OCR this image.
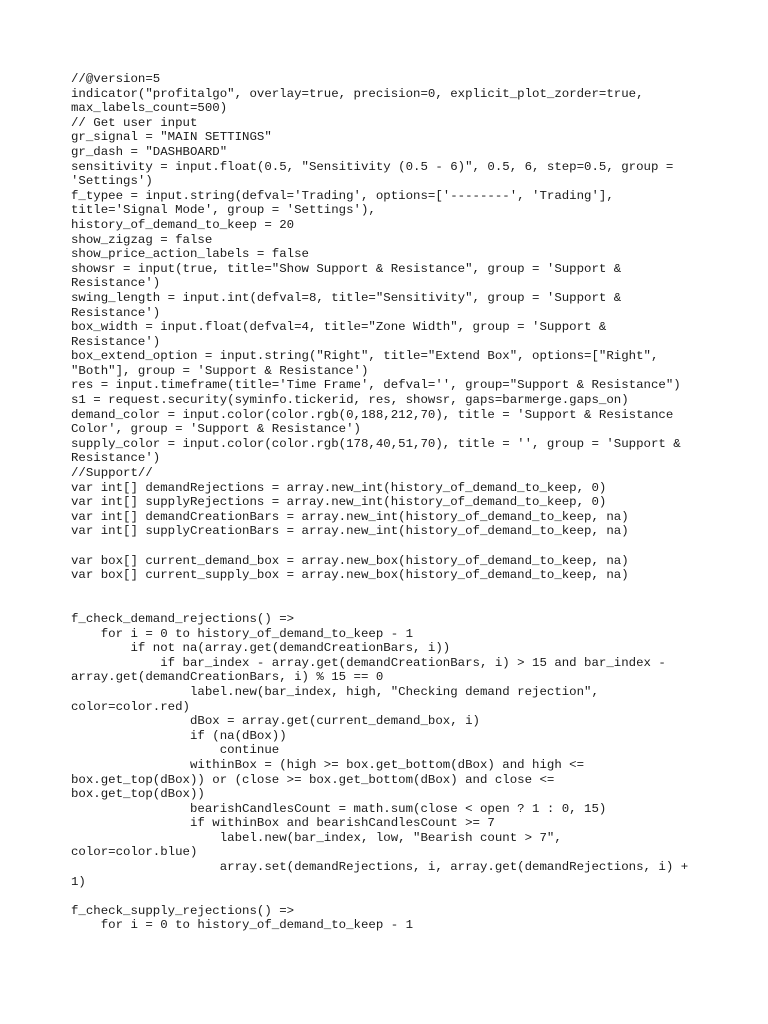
//@version=5
indicator("profitalgo", overlay=true, precision=0, explicit_plot_zorder=true,
max_labels_count=500)
// Get user input
gr_signal = "MAIN SETTINGS"
gr_dash = "DASHBOARD"
sensitivity = input.float(0.5, "Sensitivity (0.5 - 6)", 0.5, 6, step=0.5, group =
'Settings')
f_typee = input.string(defval='Trading', options=['--------', 'Trading'],
title='Signal Mode', group = 'Settings'),
history_of_demand_to_keep = 20
show_zigzag = false
show_price_action_labels = false
showsr = input(true, title="Show Support & Resistance", group = 'Support &
Resistance')
swing_length = input.int(defval=8, title="Sensitivity", group = 'Support &
Resistance')
box_width = input.float(defval=4, title="Zone Width", group = 'Support &
Resistance')
box_extend_option = input.string("Right", title="Extend Box", options=["Right",
"Both"], group = 'Support & Resistance')
res = input.timeframe(title='Time Frame', defval='', group="Support & Resistance")
s1 = request.security(syminfo.tickerid, res, showsr, gaps=barmerge.gaps_on)
demand_color = input.color(color.rgb(0,188,212,70), title = 'Support & Resistance
Color', group = 'Support & Resistance')
supply_color = input.color(color.rgb(178,40,51,70), title = '', group = 'Support &
Resistance')
//Support//
var int[] demandRejections = array.new_int(history_of_demand_to_keep, 0)
var int[] supplyRejections = array.new_int(history_of_demand_to_keep, 0)
var int[] demandCreationBars = array.new_int(history_of_demand_to_keep, na)
var int[] supplyCreationBars = array.new_int(history_of_demand_to_keep, na)
var box[] current_demand_box = array.new_box(history_of_demand_to_keep, na)
var box[] current_supply_box = array.new_box(history_of_demand_to_keep, na)
f_check_demand_rejections() =>
for i = 0 to history_of_demand_to_keep - 1
if not na(array.get(demandCreationBars, i))
if bar_index - array.get(demandCreationBars, i) > 15 and bar_index -
array.get(demandCreationBars, i) % 15 == 0
label.new(bar_index, high, "Checking demand rejection",
color=color.red)
dBox = array.get(current_demand_box, i)
if (na(dBox))
continue
withinBox = (high >= box.get_bottom(dBox) and high <=
box.get_top(dBox)) or (close >= box.get_bottom(dBox) and close <=
box.get_top(dBox))
bearishCandlesCount = math.sum(close < open ? 1 : 0, 15)
if withinBox and bearishCandlesCount >= 7
label.new(bar_index, low, "Bearish count > 7",
color=color.blue)
array.set(demandRejections, i, array.get(demandRejections, i) +
1)
f_check_supply_rejections() =>
for i = 0 to history_of_demand_to_keep - 1
